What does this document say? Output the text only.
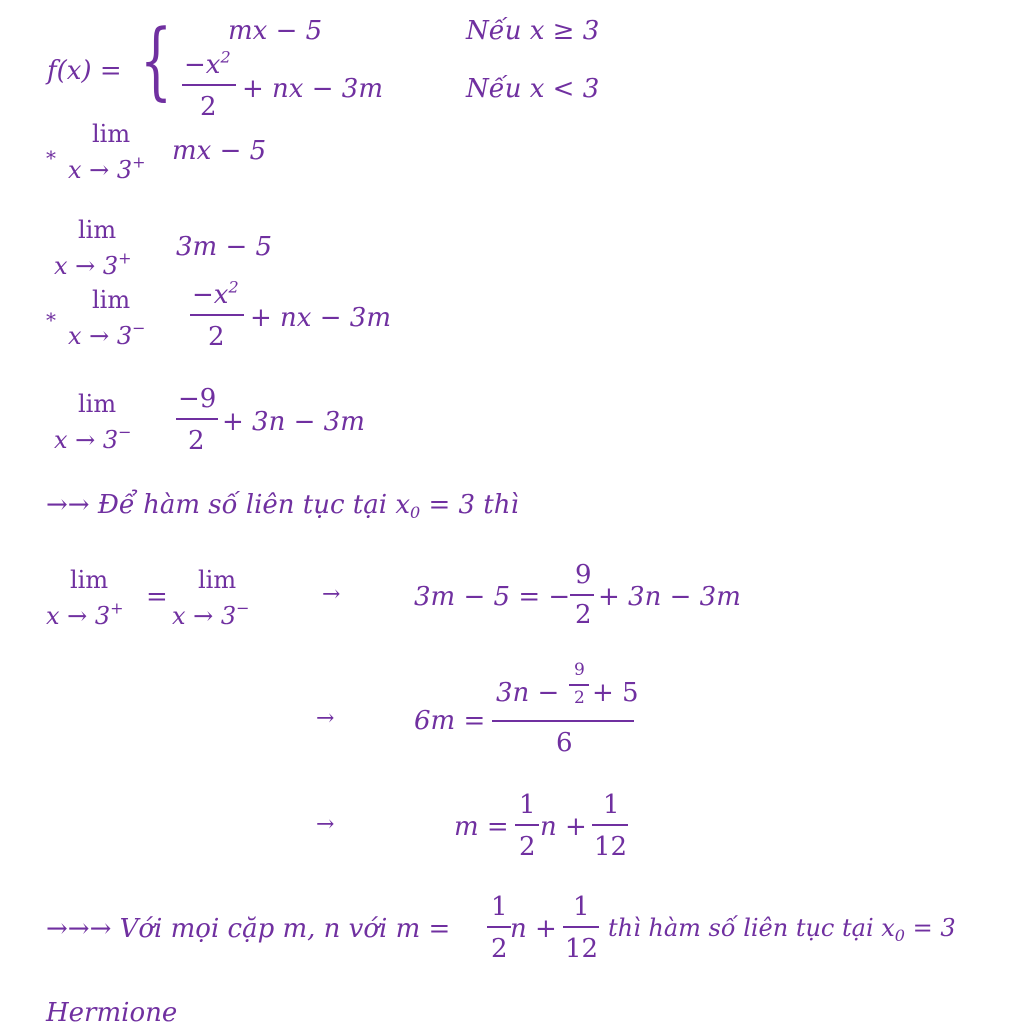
f(x) = { mx − 5	Nếu x ≥ 3
$-x^2$
2
+ nx − 3m	Nếu x < 3
*
lim
x → 3+ mx − 5
lim
x → 3+ 3m − 5
*
lim
x → 3−
$-x^2$
2
+ nx − 3m
lim
x → 3−
−9
2
+ 3n − 3m
→→ Để hàm số liên tục tại $x_0 = 3$ thì
lim
x → 3+ =
lim
x → 3−
→	3m − 5 = −
9
2
+ 3n − 3m
→	6m =
3n −
9
2 + 5
6
→	m =
1
2
n +
1
12
→→→ Với mọi cặp m, n với m =
1
2
n +
1
12
thì hàm số liên tục tại $x_0 = 3$
Hermione
